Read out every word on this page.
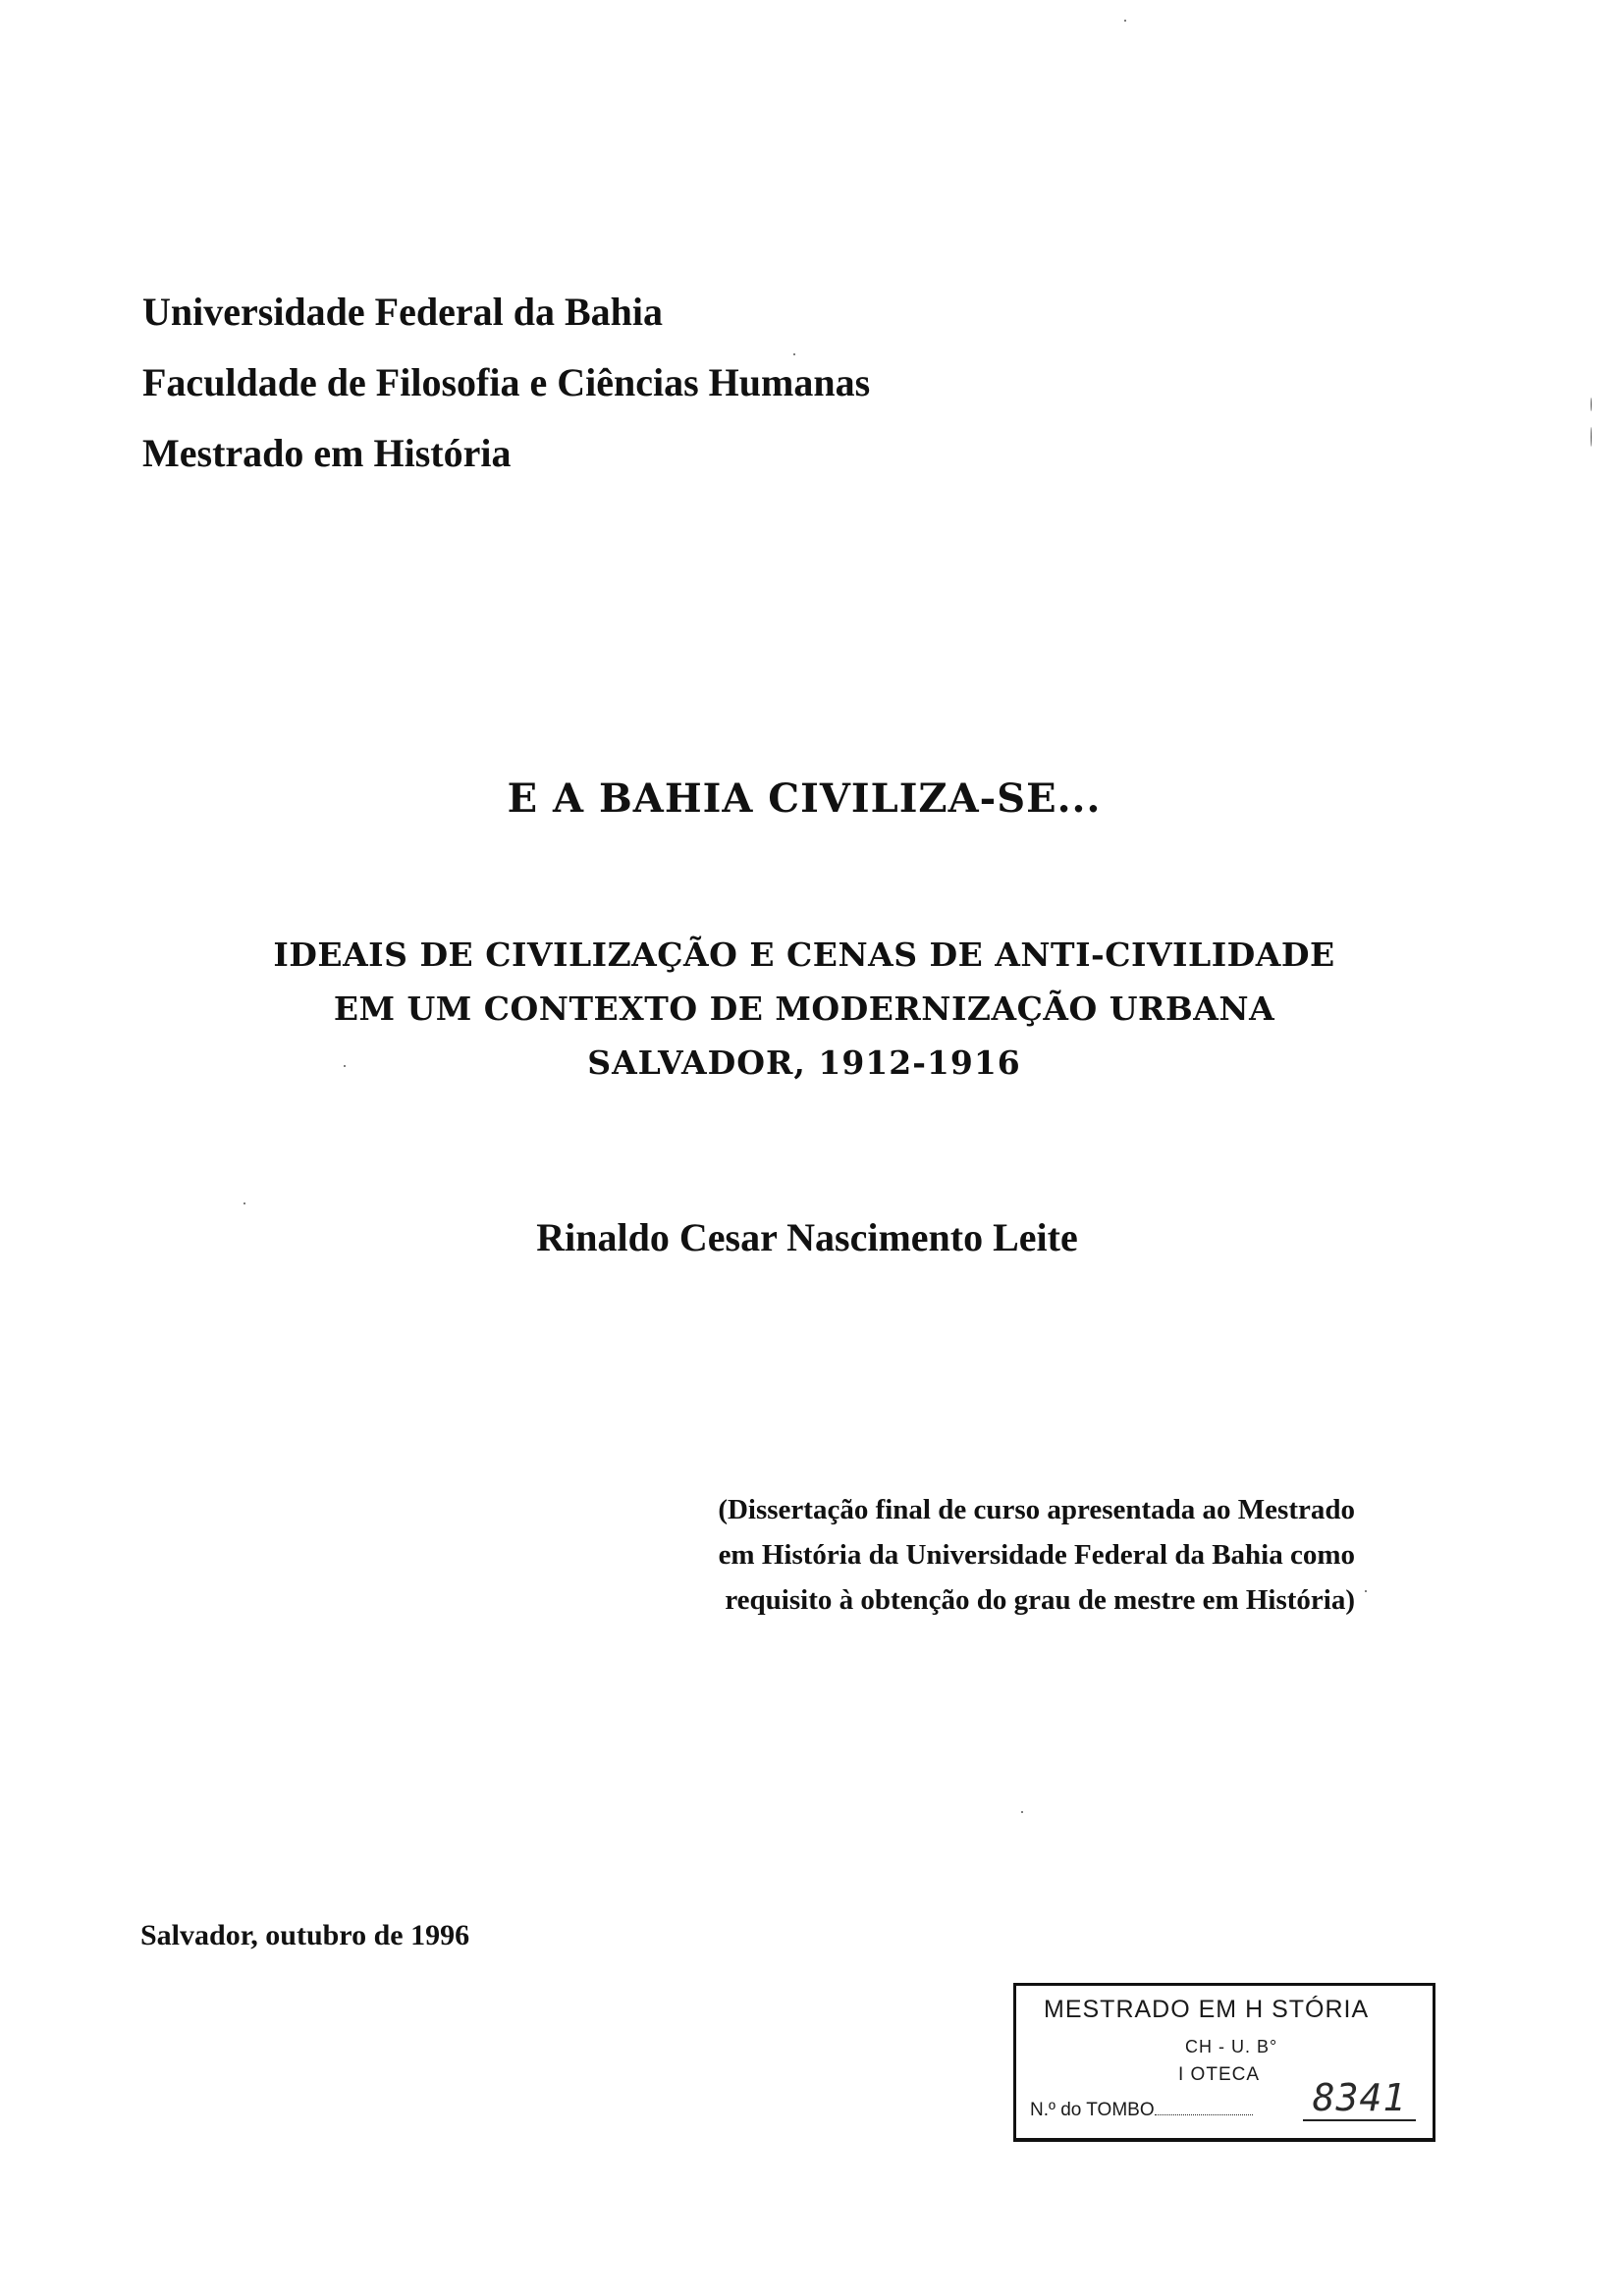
Universidade Federal da Bahia
Faculdade de Filosofia e Ciências Humanas
Mestrado em História
E A BAHIA CIVILIZA-SE...
IDEAIS DE CIVILIZAÇÃO E CENAS DE ANTI-CIVILIDADE
EM UM CONTEXTO DE MODERNIZAÇÃO URBANA
SALVADOR, 1912-1916
Rinaldo Cesar Nascimento Leite
(Dissertação final de curso apresentada ao Mestrado
em História da Universidade Federal da Bahia como
requisito à obtenção do grau de mestre em História)
Salvador, outubro de 1996
MESTRADO EM H STÓRIA
CH - U. B°
I OTECA
N.º do TOMBO	8341
